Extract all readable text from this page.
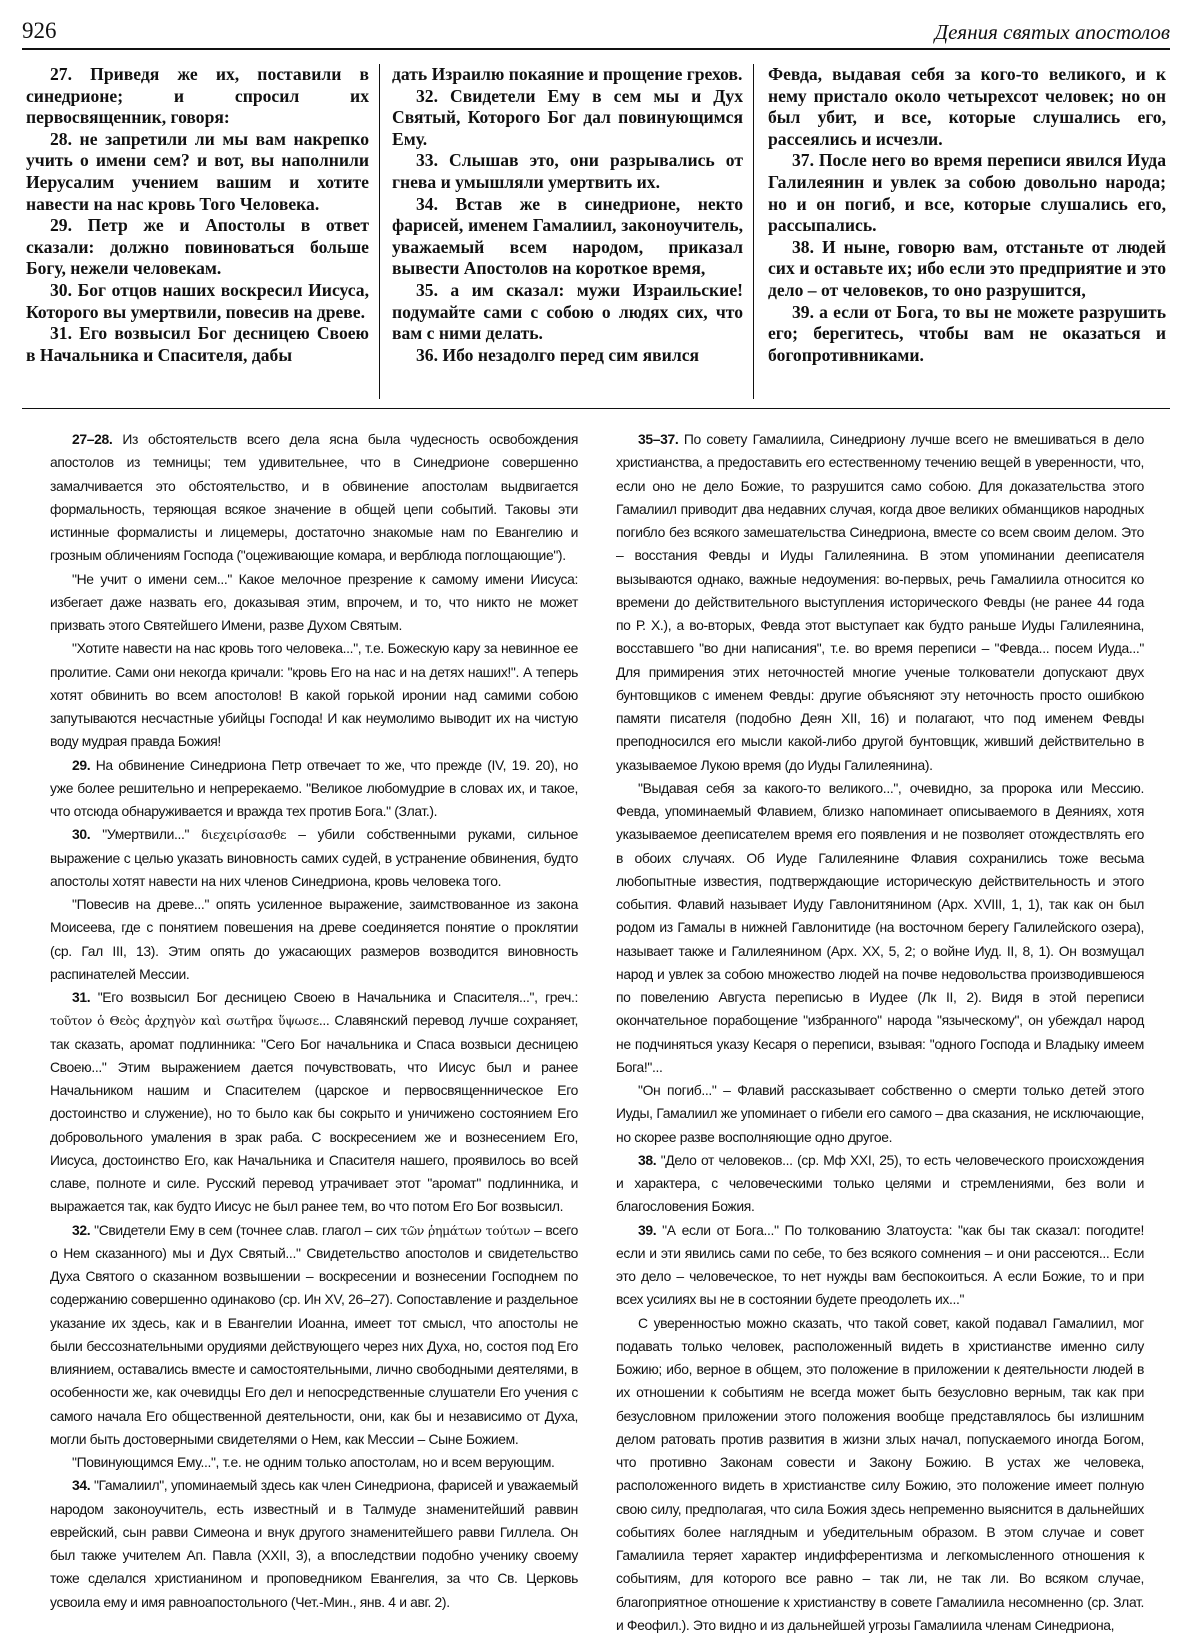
926	Деяния святых апостолов

27. Приведя же их, поставили в синедрионе; и спросил их первосвященник, говоря:

28. не запретили ли мы вам накрепко учить о имени сем? и вот, вы наполнили Иерусалим учением вашим и хотите навести на нас кровь Того Человека.

29. Петр же и Апостолы в ответ сказали: должно повиноваться больше Богу, нежели человекам.

30. Бог отцов наших воскресил Иисуса, Которого вы умертвили, повесив на древе.

31. Его возвысил Бог десницею Своею в Начальника и Спасителя, дабы

дать Израилю покаяние и прощение грехов.

32. Свидетели Ему в сем мы и Дух Святый, Которого Бог дал повинующимся Ему.

33. Слышав это, они разрывались от гнева и умышляли умертвить их.

34. Встав же в синедрионе, некто фарисей, именем Гамалиил, законоучитель, уважаемый всем народом, приказал вывести Апостолов на короткое время,

35. а им сказал: мужи Израильские! подумайте сами с собою о людях сих, что вам с ними делать.

36. Ибо незадолго перед сим явился

Февда, выдавая себя за кого-то великого, и к нему пристало около четырехсот человек; но он был убит, и все, которые слушались его, рассеялись и исчезли.

37. После него во время переписи явился Иуда Галилеянин и увлек за собою довольно народа; но и он погиб, и все, которые слушались его, рассыпались.

38. И ныне, говорю вам, отстаньте от людей сих и оставьте их; ибо если это предприятие и это дело – от человеков, то оно разрушится,

39. а если от Бога, то вы не можете разрушить его; берегитесь, чтобы вам не оказаться и богопротивниками.

27–28. Из обстоятельств всего дела ясна была чудесность освобождения апостолов из темницы; тем удивительнее, что в Синедрионе совершенно замалчивается это обстоятельство, и в обвинение апостолам выдвигается формальность, теряющая всякое значение в общей цепи событий. Таковы эти истинные формалисты и лицемеры, достаточно знакомые нам по Евангелию и грозным обличениям Господа ("оцеживающие комара, и верблюда поглощающие").

"Не учит о имени сем..." Какое мелочное презрение к самому имени Иисуса: избегает даже назвать его, доказывая этим, впрочем, и то, что никто не может призвать этого Святейшего Имени, разве Духом Святым.

"Хотите навести на нас кровь того человека...", т.е. Божескую кару за невинное ее пролитие. Сами они некогда кричали: "кровь Его на нас и на детях наших!". А теперь хотят обвинить во всем апостолов! В какой горькой иронии над самими собою запутываются несчастные убийцы Господа! И как неумолимо выводит их на чистую воду мудрая правда Божия!

29. На обвинение Синедриона Петр отвечает то же, что прежде (IV, 19. 20), но уже более решительно и непререкаемо. "Великое любомудрие в словах их, и такое, что отсюда обнаруживается и вражда тех против Бога." (Злат.).

30. "Умертвили..." διεχειρίσασθε – убили собственными руками, сильное выражение с целью указать виновность самих судей, в устранение обвинения, будто апостолы хотят навести на них членов Синедриона, кровь человека того.

"Повесив на древе..." опять усиленное выражение, заимствованное из закона Моисеева, где с понятием повешения на древе соединяется понятие о проклятии (ср. Гал III, 13). Этим опять до ужасающих размеров возводится виновность распинателей Мессии.

31. "Его возвысил Бог десницею Своею в Начальника и Спасителя...", греч.: τοῦτον ὁ Θεὸς ἀρχηγὸν καὶ σωτῆρα ὕψωσε... Славянский перевод лучше сохраняет, так сказать, аромат подлинника: "Сего Бог начальника и Спаса возвыси десницею Своею..." Этим выражением дается почувствовать, что Иисус был и ранее Начальником нашим и Спасителем (царское и первосвященническое Его достоинство и служение), но то было как бы сокрыто и уничижено состоянием Его добровольного умаления в зрак раба. С воскресением же и вознесением Его, Иисуса, достоинство Его, как Начальника и Спасителя нашего, проявилось во всей славе, полноте и силе. Русский перевод утрачивает этот "аромат" подлинника, и выражается так, как будто Иисус не был ранее тем, во что потом Его Бог возвысил.

32. "Свидетели Ему в сем (точнее слав. глагол – сих τῶν ῥημάτων τούτων – всего о Нем сказанного) мы и Дух Святый..." Свидетельство апостолов и свидетельство Духа Святого о сказанном возвышении – воскресении и вознесении Господнем по содержанию совершенно одинаково (ср. Ин XV, 26–27). Сопоставление и раздельное указание их здесь, как и в Евангелии Иоанна, имеет тот смысл, что апостолы не были бессознательными орудиями действующего через них Духа, но, состоя под Его влиянием, оставались вместе и самостоятельными, лично свободными деятелями, в особенности же, как очевидцы Его дел и непосредственные слушатели Его учения с самого начала Его общественной деятельности, они, как бы и независимо от Духа, могли быть достоверными свидетелями о Нем, как Мессии – Сыне Божием.

"Повинующимся Ему...", т.е. не одним только апостолам, но и всем верующим.

34. "Гамалиил", упоминаемый здесь как член Синедриона, фарисей и уважаемый народом законоучитель, есть известный и в Талмуде знаменитейший раввин еврейский, сын равви Симеона и внук другого знаменитейшего равви Гиллела. Он был также учителем Ап. Павла (XXII, 3), а впоследствии подобно ученику своему тоже сделался христианином и проповедником Евангелия, за что Св. Церковь усвоила ему и имя равноапостольного (Чет.-Мин., янв. 4 и авг. 2).

35–37. По совету Гамалиила, Синедриону лучше всего не вмешиваться в дело христианства, а предоставить его естественному течению вещей в уверенности, что, если оно не дело Божие, то разрушится само собою. Для доказательства этого Гамалиил приводит два недавних случая, когда двое великих обманщиков народных погибло без всякого замешательства Синедриона, вместе со всем своим делом. Это – восстания Февды и Иуды Галилеянина. В этом упоминании дееписателя вызываются однако, важные недоумения: во-первых, речь Гамалиила относится ко времени до действительного выступления исторического Февды (не ранее 44 года по Р. Х.), а во-вторых, Февда этот выступает как будто раньше Иуды Галилеянина, восставшего "во дни написания", т.е. во время переписи – "Февда... посем Иуда..." Для примирения этих неточностей многие ученые толкователи допускают двух бунтовщиков с именем Февды: другие объясняют эту неточность просто ошибкою памяти писателя (подобно Деян XII, 16) и полагают, что под именем Февды преподносился его мысли какой-либо другой бунтовщик, живший действительно в указываемое Лукою время (до Иуды Галилеянина).

"Выдавая себя за какого-то великого...", очевидно, за пророка или Мессию. Февда, упоминаемый Флавием, близко напоминает описываемого в Деяниях, хотя указываемое дееписателем время его появления и не позволяет отождествлять его в обоих случаях. Об Иуде Галилеянине Флавия сохранились тоже весьма любопытные известия, подтверждающие историческую действительность и этого события. Флавий называет Иуду Гавлонитянином (Арх. XVIII, 1, 1), так как он был родом из Гамалы в нижней Гавлонитиде (на восточном берегу Галилейского озера), называет также и Галилеянином (Арх. XX, 5, 2; о войне Иуд. II, 8, 1). Он возмущал народ и увлек за собою множество людей на почве недовольства производившеюся по повелению Августа переписью в Иудее (Лк II, 2). Видя в этой переписи окончательное порабощение "избранного" народа "языческому", он убеждал народ не подчиняться указу Кесаря о переписи, взывая: "одного Господа и Владыку имеем Бога!"...

"Он погиб..." – Флавий рассказывает собственно о смерти только детей этого Иуды, Гамалиил же упоминает о гибели его самого – два сказания, не исключающие, но скорее разве восполняющие одно другое.

38. "Дело от человеков... (ср. Мф XXI, 25), то есть человеческого происхождения и характера, с человеческими только целями и стремлениями, без воли и благословения Божия.

39. "А если от Бога..." По толкованию Златоуста: "как бы так сказал: погодите! если и эти явились сами по себе, то без всякого сомнения – и они рассеются... Если это дело – человеческое, то нет нужды вам беспокоиться. А если Божие, то и при всех усилиях вы не в состоянии будете преодолеть их..."

С уверенностью можно сказать, что такой совет, какой подавал Гамалиил, мог подавать только человек, расположенный видеть в христианстве именно силу Божию; ибо, верное в общем, это положение в приложении к деятельности людей в их отношении к событиям не всегда может быть безусловно верным, так как при безусловном приложении этого положения вообще представлялось бы излишним делом ратовать против развития в жизни злых начал, попускаемого иногда Богом, что противно Законам совести и Закону Божию. В устах же человека, расположенного видеть в христианстве силу Божию, это положение имеет полную свою силу, предполагая, что сила Божия здесь непременно выяснится в дальнейших событиях более наглядным и убедительным образом. В этом случае и совет Гамалиила теряет характер индифферентизма и легкомысленного отношения к событиям, для которого все равно – так ли, не так ли. Во всяком случае, благоприятное отношение к христианству в совете Гамалиила несомненно (ср. Злат. и Феофил.). Это видно и из дальнейшей угрозы Гамалиила членам Синедриона,
